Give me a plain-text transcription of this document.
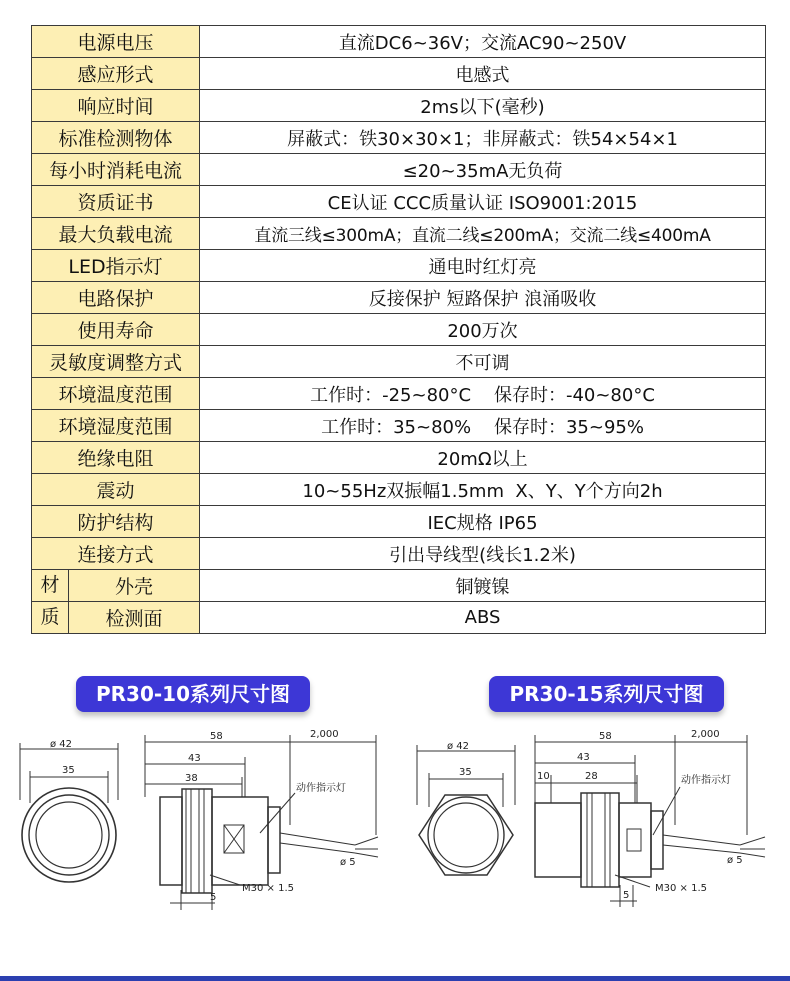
电源电压		直流DC6~36V；交流AC90~250V
感应形式		电感式
响应时间		2ms以下(毫秒)
标准检测物体		屏蔽式：铁30×30×1；非屏蔽式：铁54×54×1
每小时消耗电流		≤20~35mA无负荷
资质证书		CE认证 CCC质量认证 ISO9001:2015
最大负载电流		直流三线≤300mA；直流二线≤200mA；交流二线≤400mA
LED指示灯		通电时红灯亮
电路保护		反接保护 短路保护 浪涌吸收
使用寿命		200万次
灵敏度调整方式		不可调
环境温度范围		工作时：-25~80°C    保存时：-40~80°C
环境湿度范围		工作时：35~80%    保存时：35~95%
绝缘电阻		20mΩ以上
震动		10~55Hz双振幅1.5mm  X、Y、Y个方向2h
防护结构		IEC规格 IP65
连接方式		引出导线型(线长1.2米)
材	外壳	铜镀镍
质	检测面	ABS
PR30-10系列尺寸图	PR30-15系列尺寸图
ø 42
35
58	2,000
43
38
5
M30 × 1.5
ø 5
动作指示灯
ø 42
35
58	2,000
43
10	28
5
M30 × 1.5
ø 5
动作指示灯
